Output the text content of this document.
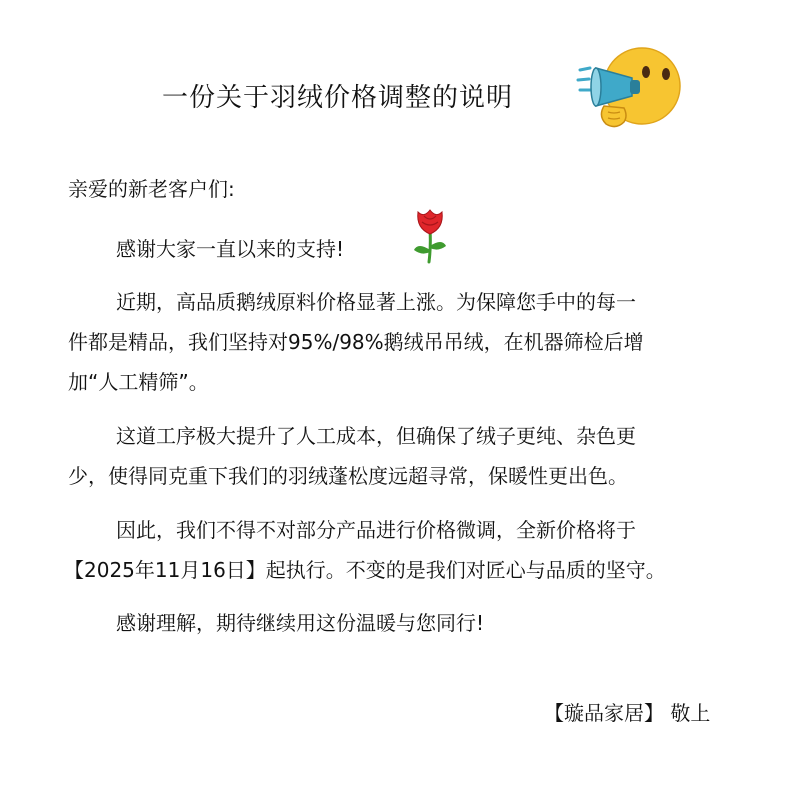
一份关于羽绒价格调整的说明
亲爱的新老客户们:
感谢大家一直以来的支持!
近期，高品质鹅绒原料价格显著上涨。为保障您手中的每一
件都是精品，我们坚持对95%/98%鹅绒吊吊绒，在机器筛检后增
加“人工精筛”。
这道工序极大提升了人工成本，但确保了绒子更纯、杂色更
少，使得同克重下我们的羽绒蓬松度远超寻常，保暖性更出色。
因此，我们不得不对部分产品进行价格微调，全新价格将于
【2025年11月16日】起执行。不变的是我们对匠心与品质的坚守。
感谢理解，期待继续用这份温暖与您同行!
【璇品家居】 敬上
